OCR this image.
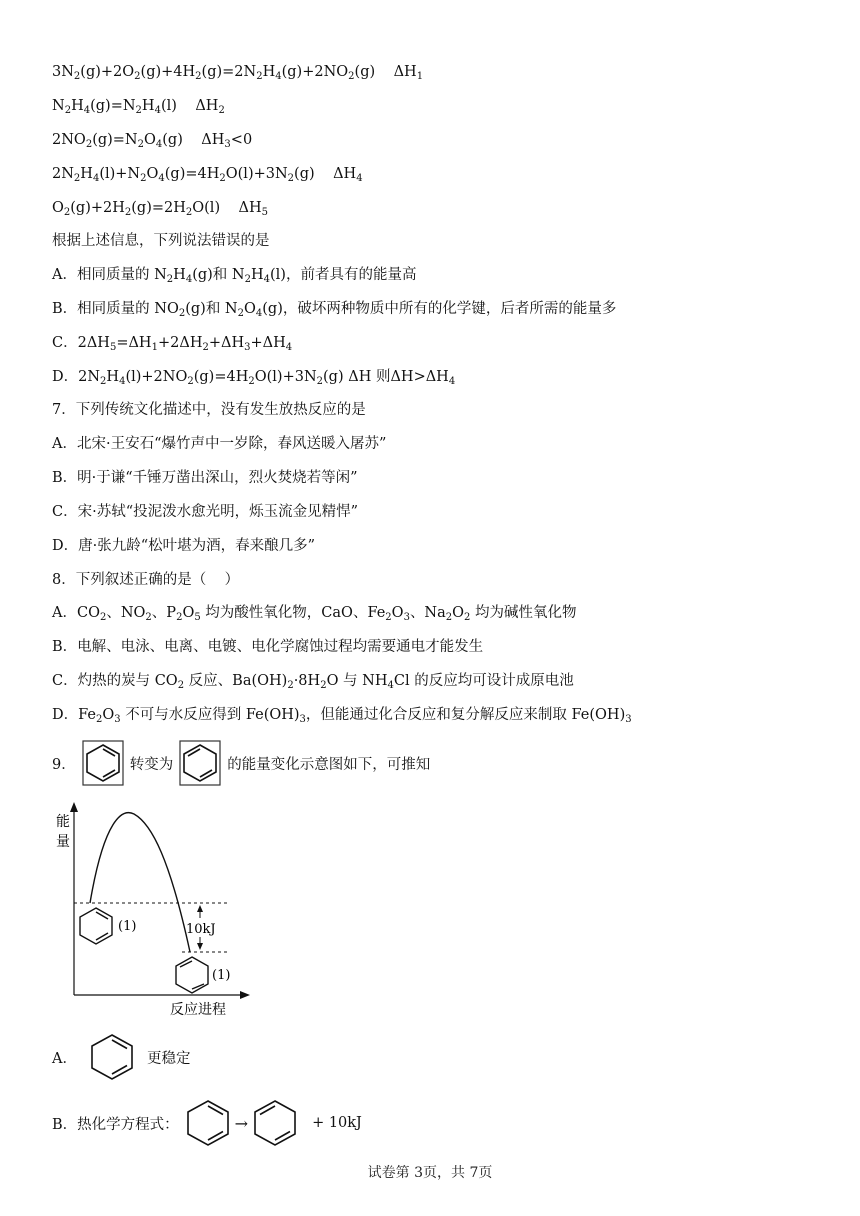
$3N_2(g)+2O_2(g)+4H_2(g)=2N_2H_4(g)+2NO_2(g)$    $\Delta H_1$
$N_2H_4(g)=N_2H_4(l)$    $\Delta H_2$
$2NO_2(g)=N_2O_4(g)$    $\Delta H_3<0$
$2N_2H_4(l)+N_2O_4(g)=4H_2O(l)+3N_2(g)$    $\Delta H_4$
$O_2(g)+2H_2(g)=2H_2O(l)$    $\Delta H_5$
根据上述信息，下列说法错误的是
A．相同质量的 $N_2H_4(g)$和 $N_2H_4(l)$，前者具有的能量高
B．相同质量的 $NO_2(g)$和 $N_2O_4(g)$，破坏两种物质中所有的化学键，后者所需的能量多
C．$2\Delta H_5=\Delta H_1+2\Delta H_2+\Delta H_3+\Delta H_4$
D．$2N_2H_4(l)+2NO_2(g)=4H_2O(l)+3N_2(g)$ ΔH 则$\Delta H>\Delta H_4$
7．下列传统文化描述中，没有发生放热反应的是
A．北宋·王安石“爆竹声中一岁除，春风送暖入屠苏”
B．明·于谦“千锤万凿出深山，烈火焚烧若等闲”
C．宋·苏轼“投泥泼水愈光明，烁玉流金见精悍”
D．唐·张九龄“松叶堪为酒，春来酿几多”
8．下列叙述正确的是（    ）
A．$CO_2$、$NO_2$、$P_2O_5$ 均为酸性氧化物，CaO、$Fe_2O_3$、$Na_2O_2$ 均为碱性氧化物
B．电解、电泳、电离、电镀、电化学腐蚀过程均需要通电才能发生
C．灼热的炭与 $CO_2$ 反应、$Ba(OH)_2\cdot 8H_2O$ 与 $NH_4Cl$ 的反应均可设计成原电池
D．$Fe_2O_3$ 不可与水反应得到 $Fe(OH)_3$，但能通过化合反应和复分解反应来制取 $Fe(OH)_3$
9．	转变为	的能量变化示意图如下，可推知
能
量
反应进程
10kJ
(1)
(1)
A．	更稳定
B．热化学方程式：	→	+ 10kJ
试卷第 3页，共 7页
